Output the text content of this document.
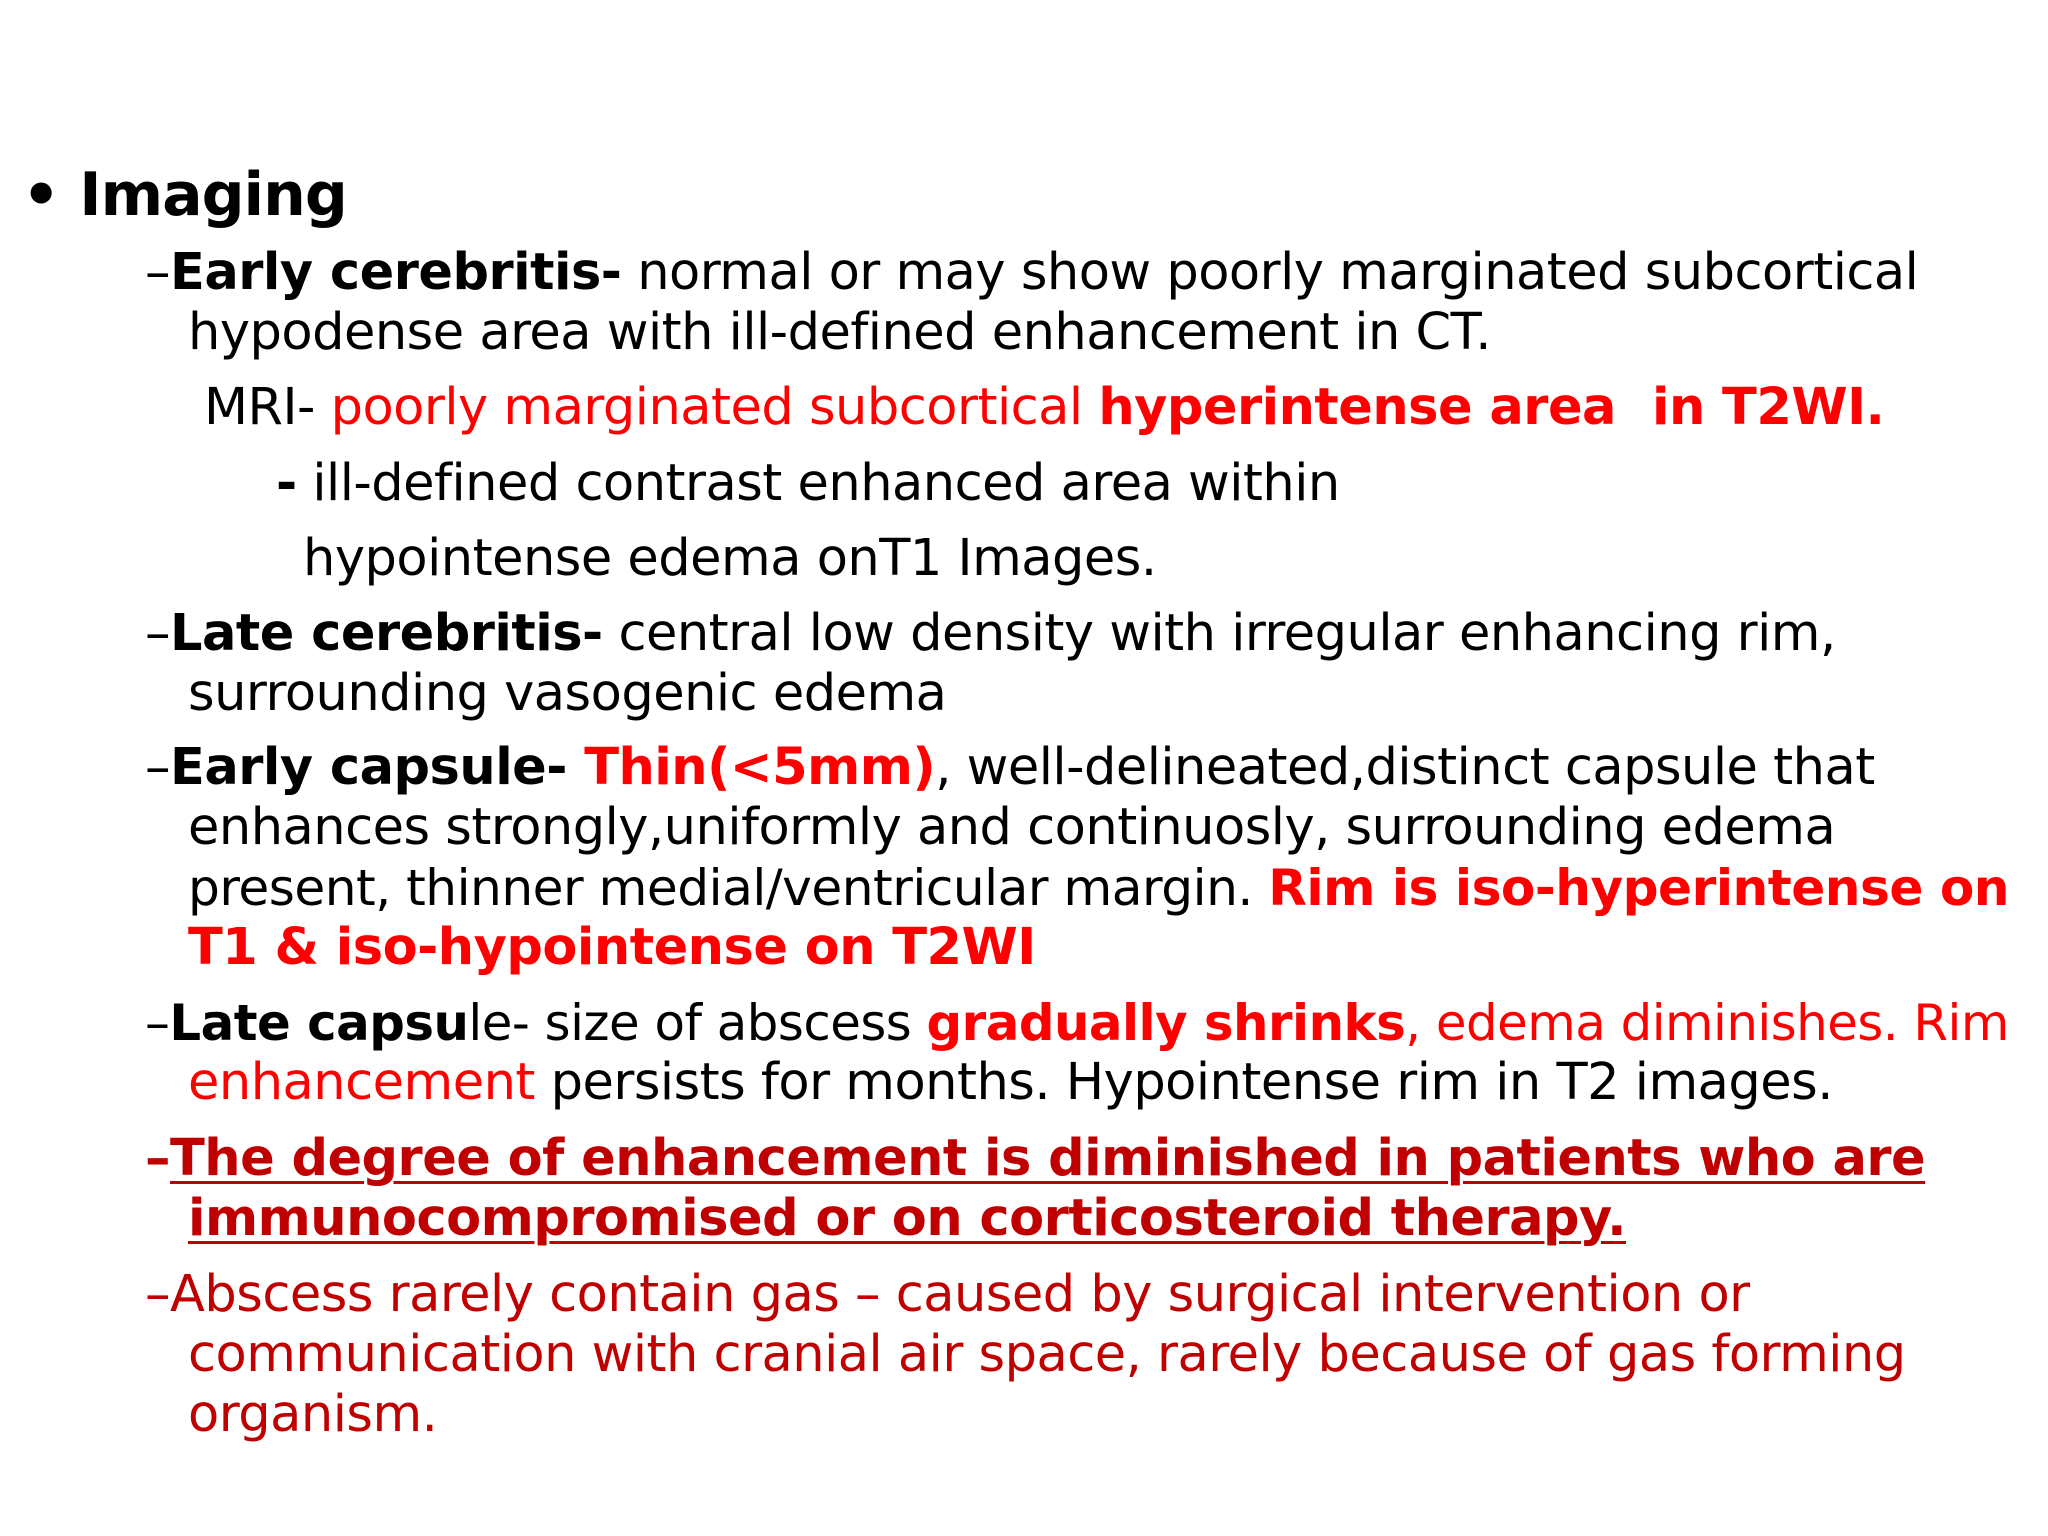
• Imaging
–Early cerebritis- normal or may show poorly marginated subcortical
hypodense area with ill-defined enhancement in CT.
MRI- poorly marginated subcortical hyperintense area in T2WI.
- ill-defined contrast enhanced area within
hypointense edema onT1 Images.
–Late cerebritis- central low density with irregular enhancing rim,
surrounding vasogenic edema
–Early capsule- Thin(<5mm), well-delineated,distinct capsule that
enhances strongly,uniformly and continuosly, surrounding edema
present, thinner medial/ventricular margin. Rim is iso-hyperintense on
T1 & iso-hypointense on T2WI
–Late capsule- size of abscess gradually shrinks, edema diminishes. Rim
enhancement persists for months. Hypointense rim in T2 images.
–The degree of enhancement is diminished in patients who are
immunocompromised or on corticosteroid therapy.
–Abscess rarely contain gas – caused by surgical intervention or
communication with cranial air space, rarely because of gas forming
organism.
